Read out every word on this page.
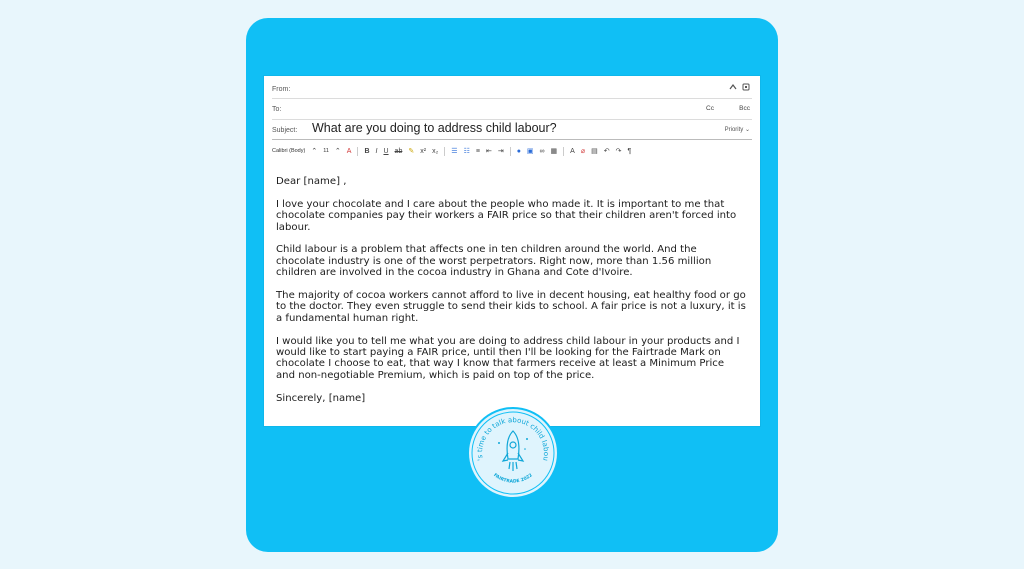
From:
To:	Cc	Bcc
Subject: What are you doing to address child labour?	Priority ⌄
Calibri (Body) ⌃ 11 ⌃ A B I U ab ✎ x² x₂ ☰ ☷ ≡ ⇤ ⇥ ● ▣ ∞ ▦ A ⌀ ▤ ↶ ↷ ¶

Dear [name] ,

I love your chocolate and I care about the people who made it. It is important to me that chocolate companies pay their workers a FAIR price so that their children aren't forced into labour.

Child labour is a problem that affects one in ten children around the world. And the chocolate industry is one of the worst perpetrators. Right now, more than 1.56 million children are involved in the cocoa industry in Ghana and Cote d'Ivoire.

The majority of cocoa workers cannot afford to live in decent housing, eat healthy food or go to the doctor. They even struggle to send their kids to school. A fair price is not a luxury, it is a fundamental human right.

I would like you to tell me what you are doing to address child labour in your products and I would like to start paying a FAIR price, until then I'll be looking for the Fairtrade Mark on chocolate I choose to eat, that way I know that farmers receive at least a Minimum Price and non-negotiable Premium, which is paid on top of the price.

Sincerely, [name]

's time to talk about child labou
FAIRTRADE 2022
